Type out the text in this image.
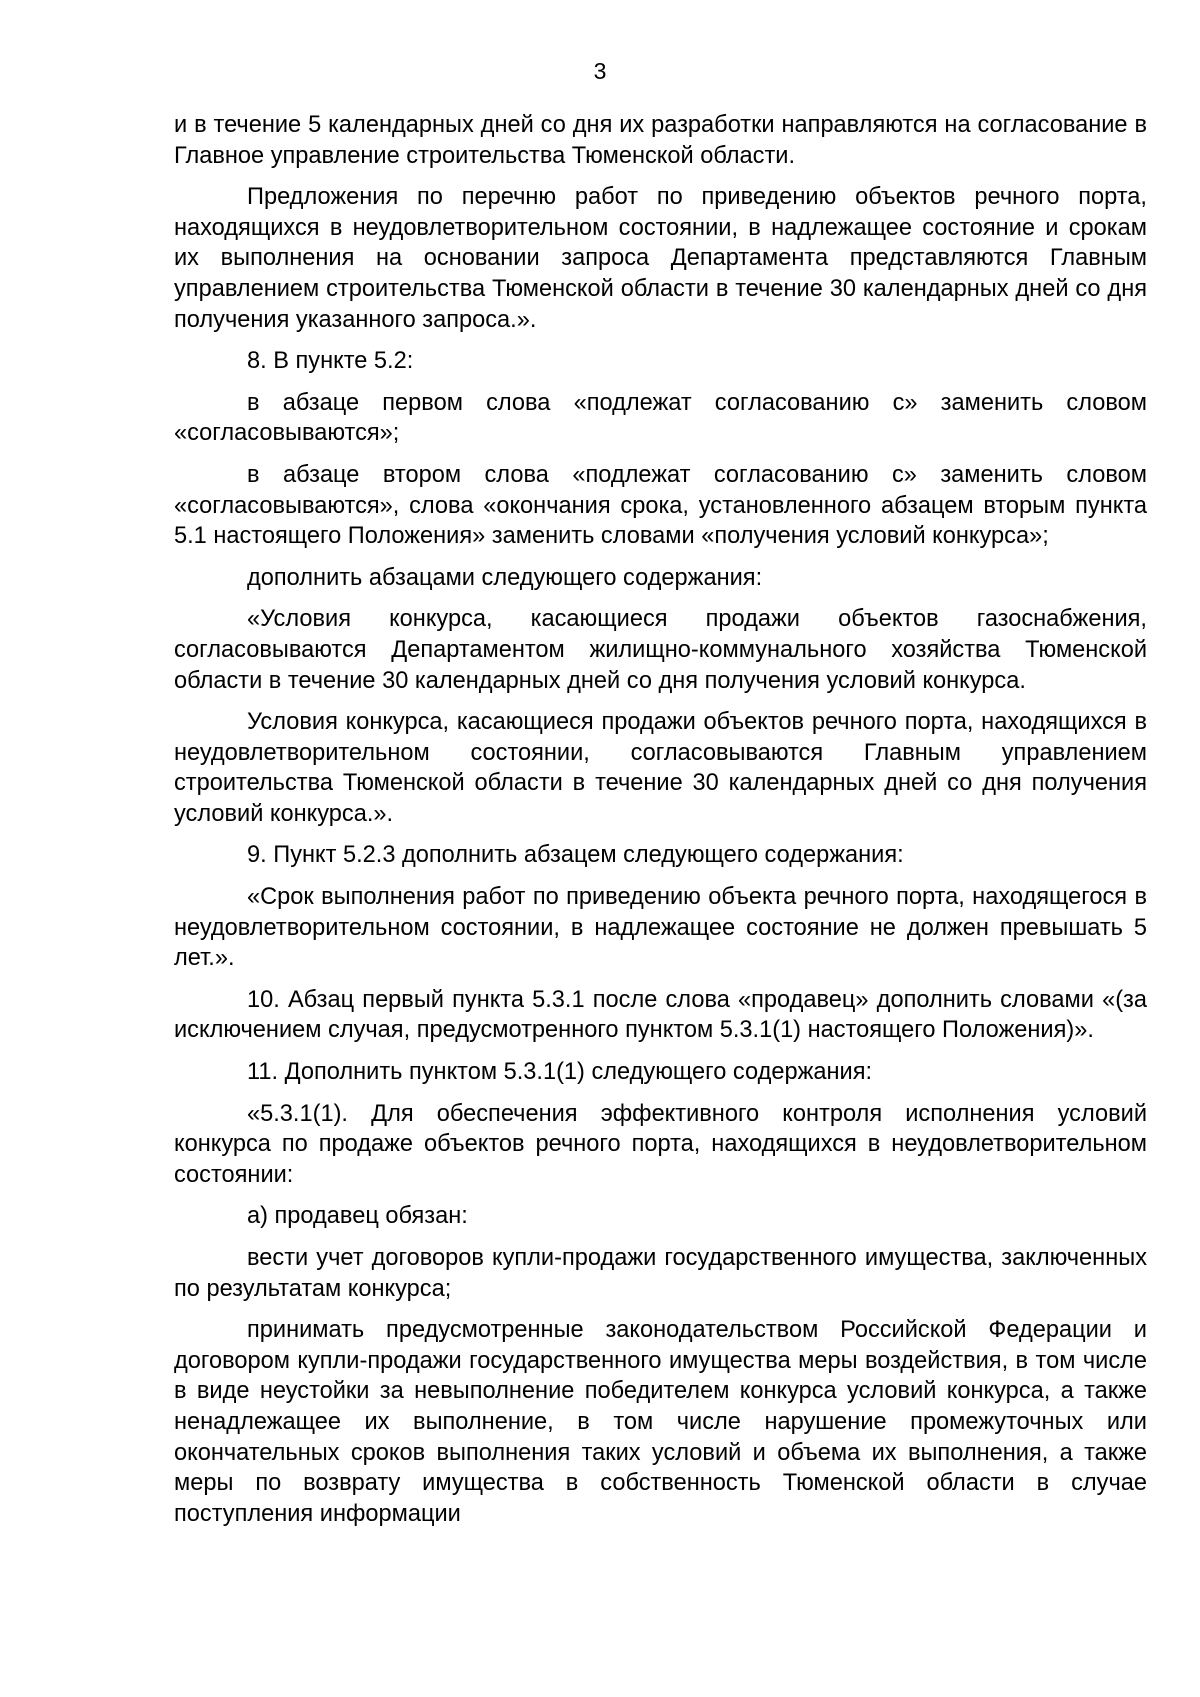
3

и в течение 5 календарных дней со дня их разработки направляются на согласование в Главное управление строительства Тюменской области.

Предложения по перечню работ по приведению объектов речного порта, находящихся в неудовлетворительном состоянии, в надлежащее состояние и срокам их выполнения на основании запроса Департамента представляются Главным управлением строительства Тюменской области в течение 30 календарных дней со дня получения указанного запроса.».

8. В пункте 5.2:

в абзаце первом слова «подлежат согласованию с» заменить словом «согласовываются»;

в абзаце втором слова «подлежат согласованию с» заменить словом «согласовываются», слова «окончания срока, установленного абзацем вторым пункта 5.1 настоящего Положения» заменить словами «получения условий конкурса»;

дополнить абзацами следующего содержания:

«Условия конкурса, касающиеся продажи объектов газоснабжения, согласовываются Департаментом жилищно-коммунального хозяйства Тюменской области в течение 30 календарных дней со дня получения условий конкурса.

Условия конкурса, касающиеся продажи объектов речного порта, находящихся в неудовлетворительном состоянии, согласовываются Главным управлением строительства Тюменской области в течение 30 календарных дней со дня получения условий конкурса.».

9. Пункт 5.2.3 дополнить абзацем следующего содержания:

«Срок выполнения работ по приведению объекта речного порта, находящегося в неудовлетворительном состоянии, в надлежащее состояние не должен превышать 5 лет.».

10. Абзац первый пункта 5.3.1 после слова «продавец» дополнить словами «(за исключением случая, предусмотренного пунктом 5.3.1(1) настоящего Положения)».

11. Дополнить пунктом 5.3.1(1) следующего содержания:

«5.3.1(1). Для обеспечения эффективного контроля исполнения условий конкурса по продаже объектов речного порта, находящихся в неудовлетворительном состоянии:

а) продавец обязан:

вести учет договоров купли-продажи государственного имущества, заключенных по результатам конкурса;

принимать предусмотренные законодательством Российской Федерации и договором купли-продажи государственного имущества меры воздействия, в том числе в виде неустойки за невыполнение победителем конкурса условий конкурса, а также ненадлежащее их выполнение, в том числе нарушение промежуточных или окончательных сроков выполнения таких условий и объема их выполнения, а также меры по возврату имущества в собственность Тюменской области в случае поступления информации
